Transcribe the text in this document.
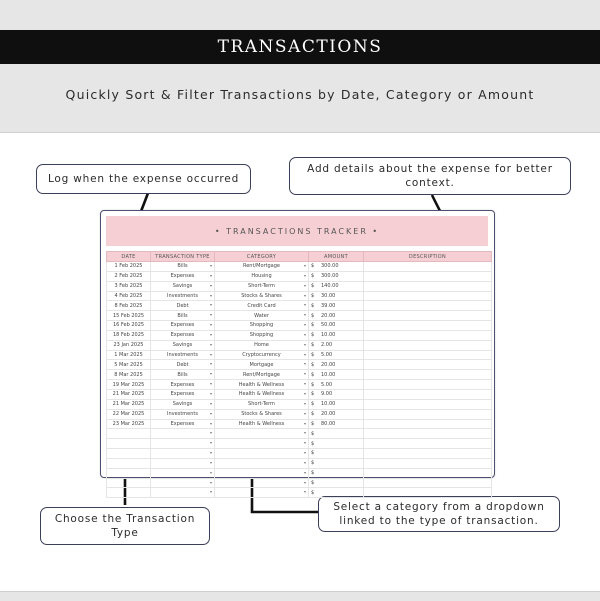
TRANSACTIONS
Quickly Sort & Filter Transactions by Date, Category or Amount
Log when the expense occurred
Add details about the expense for better context.
Choose the Transaction Type
Select a category from a dropdown linked to the type of transaction.
• TRANSACTIONS TRACKER •
DATE	TRANSACTION TYPE	CATEGORY	AMOUNT	DESCRIPTION
1 Feb 2025	Bills ▾	Rent/Mortgage ▾	$ 300.00	
2 Feb 2025	Expenses ▾	Housing ▾	$ 300.00	
3 Feb 2025	Savings ▾	Short-Term ▾	$ 140.00	
4 Feb 2025	Investments ▾	Stocks & Shares ▾	$ 30.00	
8 Feb 2025	Debt ▾	Credit Card ▾	$ 39.00	
15 Feb 2025	Bills ▾	Water ▾	$ 20.00	
16 Feb 2025	Expenses ▾	Shopping ▾	$ 50.00	
18 Feb 2025	Expenses ▾	Shopping ▾	$ 10.00	
23 Jan 2025	Savings ▾	Home ▾	$ 2.00	
1 Mar 2025	Investments ▾	Cryptocurrency ▾	$ 5.00	
5 Mar 2025	Debt ▾	Mortgage ▾	$ 20.00	
8 Mar 2025	Bills ▾	Rent/Mortgage ▾	$ 10.00	
19 Mar 2025	Expenses ▾	Health & Wellness ▾	$ 5.00	
21 Mar 2025	Expenses ▾	Health & Wellness ▾	$ 9.00	
21 Mar 2025	Savings ▾	Short-Term ▾	$ 10.00	
22 Mar 2025	Investments ▾	Stocks & Shares ▾	$ 20.00	
23 Mar 2025	Expenses ▾	Health & Wellness ▾	$ 80.00	

	▾	▾	$	

	▾	▾	$	

	▾	▾	$	

	▾	▾	$	

	▾	▾	$	

	▾	▾	$	

	▾	▾	$	
